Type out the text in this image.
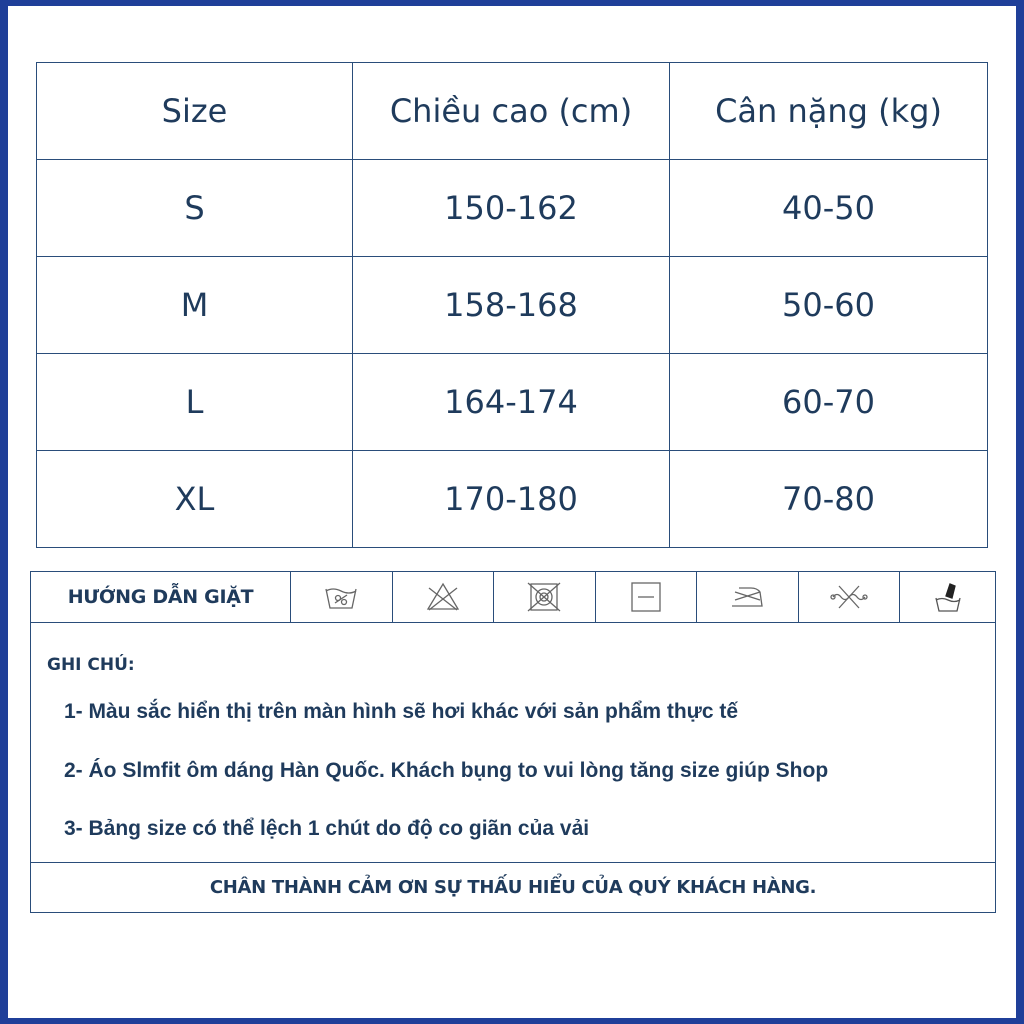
Size	Chiều cao (cm)	Cân nặng (kg)
S	150-162	40-50
M	158-168	50-60
L	164-174	60-70
XL	170-180	70-80
HƯỚNG DẪN GIẶT
GHI CHÚ:
1- Màu sắc hiển thị trên màn hình sẽ hơi khác với sản phẩm thực tế
2- Áo Slmfit ôm dáng Hàn Quốc. Khách bụng to vui lòng tăng size giúp Shop
3- Bảng size có thể lệch 1 chút do độ co giãn của vải
CHÂN THÀNH CẢM ƠN SỰ THẤU HIỂU CỦA QUÝ KHÁCH HÀNG.
